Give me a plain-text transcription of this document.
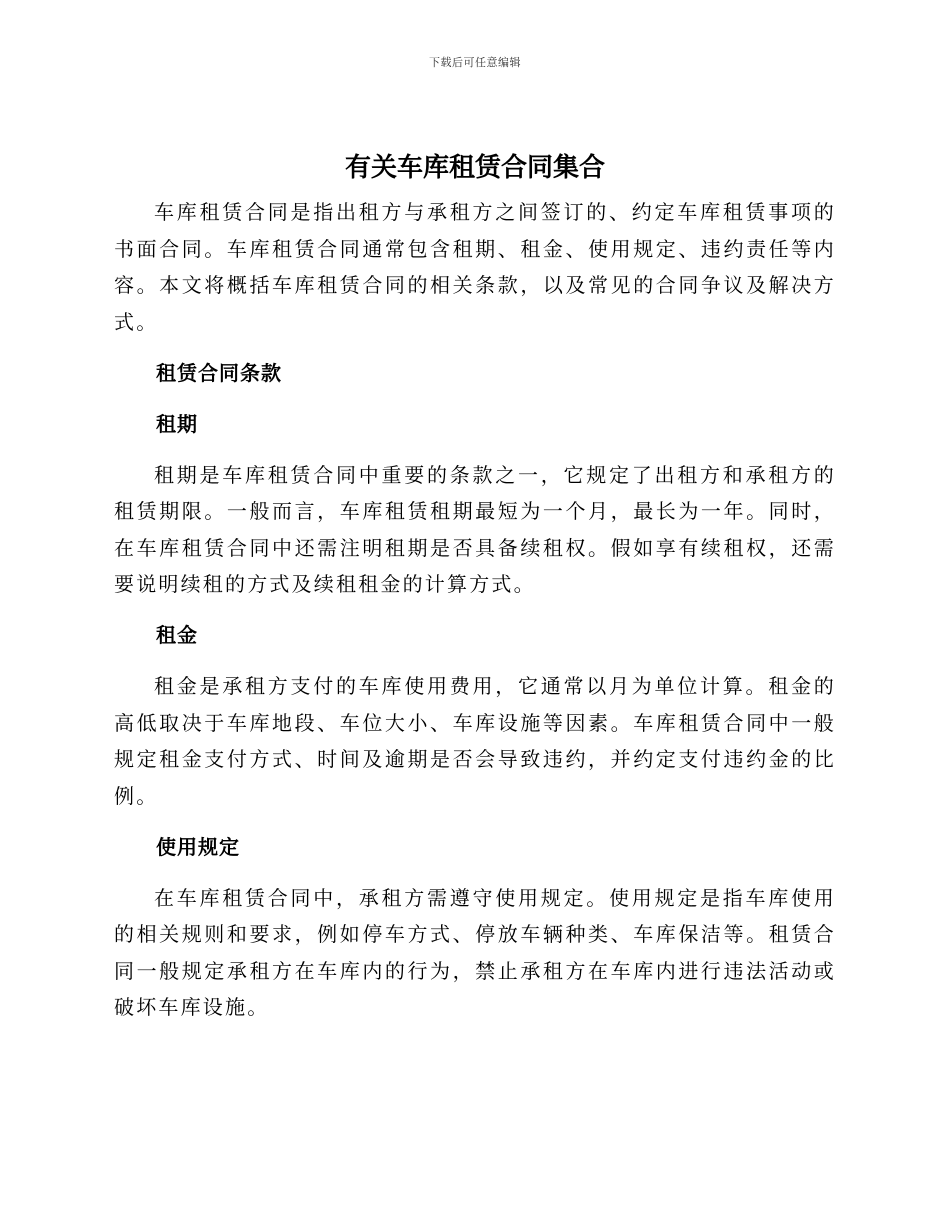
下载后可任意编辑
有关车库租赁合同集合

车库租赁合同是指出租方与承租方之间签订的、约定车库租赁事项的书面合同。车库租赁合同通常包含租期、租金、使用规定、违约责任等内容。本文将概括车库租赁合同的相关条款，以及常见的合同争议及解决方式。

租赁合同条款

租期

租期是车库租赁合同中重要的条款之一，它规定了出租方和承租方的租赁期限。一般而言，车库租赁租期最短为一个月，最长为一年。同时，在车库租赁合同中还需注明租期是否具备续租权。假如享有续租权，还需要说明续租的方式及续租租金的计算方式。

租金

租金是承租方支付的车库使用费用，它通常以月为单位计算。租金的高低取决于车库地段、车位大小、车库设施等因素。车库租赁合同中一般规定租金支付方式、时间及逾期是否会导致违约，并约定支付违约金的比例。

使用规定

在车库租赁合同中，承租方需遵守使用规定。使用规定是指车库使用的相关规则和要求，例如停车方式、停放车辆种类、车库保洁等。租赁合同一般规定承租方在车库内的行为，禁止承租方在车库内进行违法活动或破坏车库设施。
